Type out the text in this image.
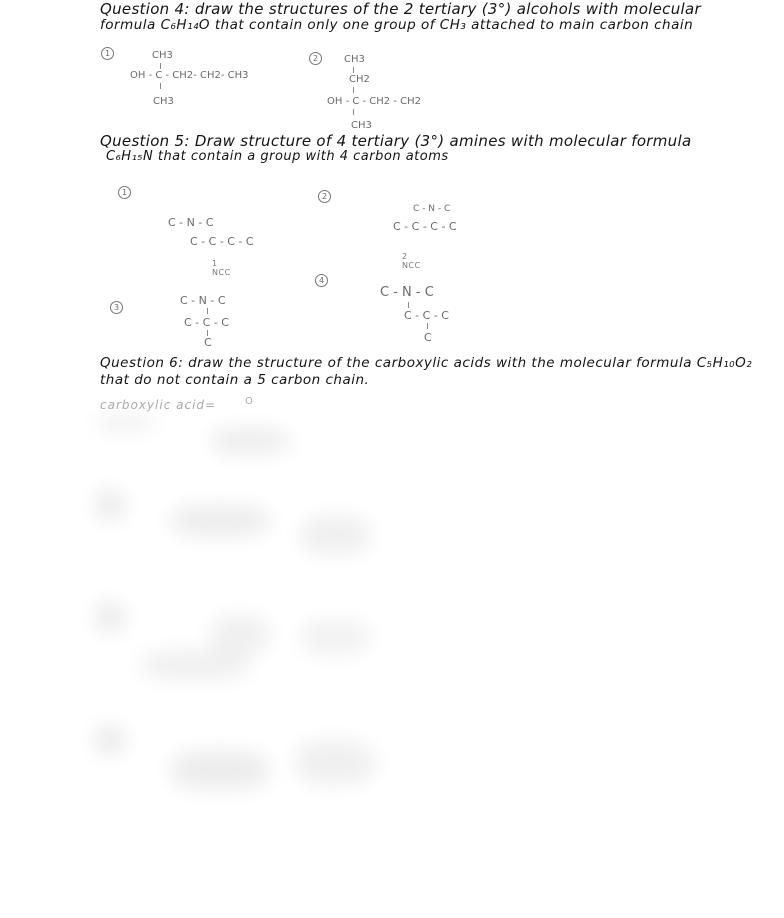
Question 4: draw the structures of the 2 tertiary (3°) alcohols with molecular
formula C₆H₁₄O that contain only one group of CH₃ attached to main carbon chain
1	CH3
OH - C - CH2- CH2- CH3
CH3
2	CH3
CH2
OH - C - CH2 - CH2
CH3
Question 5: Draw structure of 4 tertiary (3°) amines with molecular formula
C₆H₁₅N that contain a group with 4 carbon atoms
1
C - N - C
C - C - C - C
1 NCC
2
C - N - C
C - C - C - C
2 NCC
3
C - N - C
C - C - C
C
4
C - N - C
C - C - C
C
Question 6: draw the structure of the carboxylic acids with the molecular formula C₅H₁₀O₂
that do not contain a 5 carbon chain.
carboxylic acid=	O
